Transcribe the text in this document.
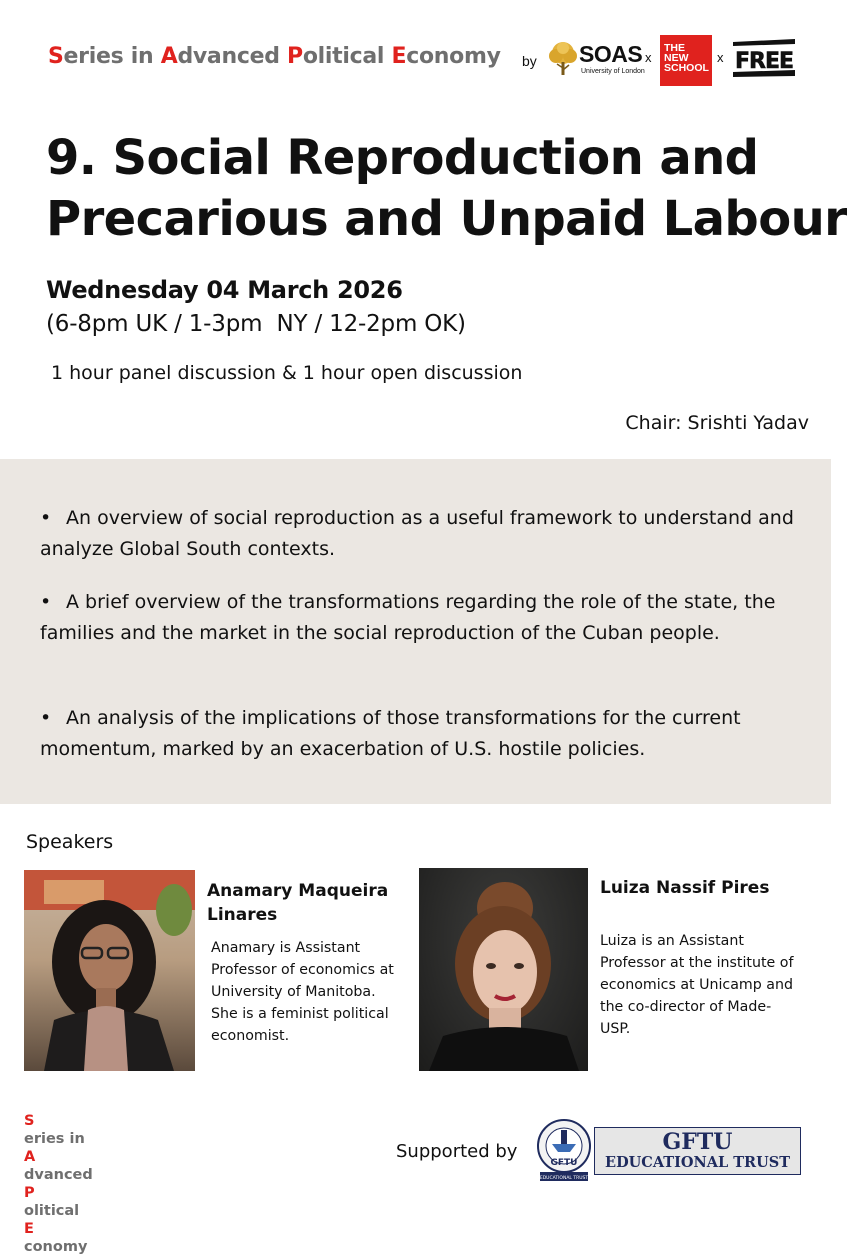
Series in Advanced Political Economy by SOAS
University of London
x
THE
NEW
SCHOOL
x FREE
9. Social Reproduction and
Precarious and Unpaid Labour
Wednesday 04 March 2026
(6-8pm UK / 1-3pm  NY / 12-2pm OK)
1 hour panel discussion & 1 hour open discussion
Chair: Srishti Yadav
• An overview of social reproduction as a useful framework to understand and analyze Global South contexts.
• A brief overview of the transformations regarding the role of the state, the families and the market in the social reproduction of the Cuban people.
• An analysis of the implications of those transformations for the current momentum, marked by an exacerbation of U.S. hostile policies.
Speakers
Anamary Maqueira
Linares
Anamary is Assistant Professor of economics at University of Manitoba. She is a feminist political economist.
Luiza Nassif Pires
Luiza is an Assistant Professor at the institute of economics at Unicamp and the co-director of Made-USP.
S
eries in
A
dvanced
P
olitical
E
conomy
Supported by
GFTU
EDUCATIONAL TRUST
GFTU
EDUCATIONAL TRUST
